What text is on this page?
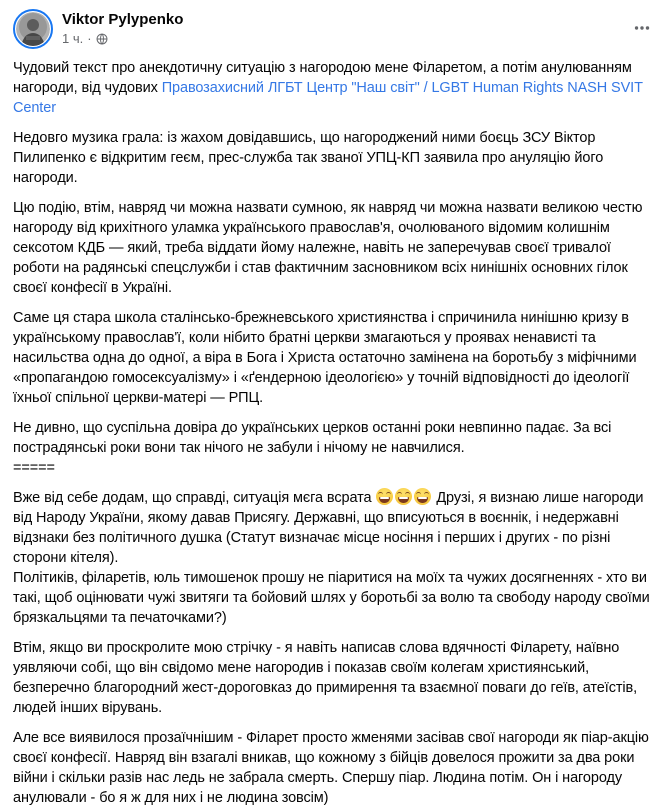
Viktor Pylypenko
1 ч. ·

Чудовий текст про анекдотичну ситуацію з нагородою мене Філаретом, а потім анулюванням нагороди, від чудових Правозахисний ЛГБТ Центр "Наш світ" / LGBT Human Rights NASH SVIT Center

Недовго музика грала: із жахом довідавшись, що нагороджений ними боєць ЗСУ Віктор Пилипенко є відкритим геєм, прес-служба так званої УПЦ-КП заявила про ануляцію його нагороди.

Цю подію, втім, навряд чи можна назвати сумною, як навряд чи можна назвати великою честю нагороду від крихітного уламка українського православ'я, очолюваного відомим колишнім сексотом КДБ — який, треба віддати йому належне, навіть не заперечував своєї тривалої роботи на радянські спецслужби і став фактичним засновником всіх нинішніх основних гілок своєї конфесії в Україні.

Саме ця стара школа сталінсько-брежневського християнства і спричинила нинішню кризу в українському православ'ї, коли нібито братні церкви змагаються у проявах ненависті та насильства одна до одної, а віра в Бога і Христа остаточно замінена на боротьбу з міфічними «пропагандою гомосексуалізму» і «ґендерною ідеологією» у точній відповідності до ідеології їхньої спільної церкви-матері — РПЦ.

Не дивно, що суспільна довіра до українських церков останні роки невпинно падає. За всі пострадянські роки вони так нічого не забули і нічому не навчилися.
=====

Вже від себе додам, що справді, ситуація мєга всрата	Друзі, я визнаю лише нагороди від Народу України, якому давав Присягу. Державні, що вписуються в воєннік, і недержавні відзнаки без політичного душка (Статут визначає місце носіння і перших і других - по різні сторони кітеля).
Політиків, філаретів, юль тимошенок прошу не піаритися на моїх та чужих досягненнях - хто ви такі, щоб оцінювати чужі звитяги та бойовий шлях у боротьбі за волю та свободу народу своїми брязкальцями та печаточками?)

Втім, якщо ви проскролите мою стрічку - я навіть написав слова вдячності Філарету, наївно уявляючи собі, що він свідомо мене нагородив і показав своїм колегам християнський, безперечно благородний жест-дороговказ до примирення та взаємної поваги до геїв, атеїстів, людей інших вірувань.

Але все виявилося прозаїчнішим - Філарет просто жменями засівав свої нагороди як піар-акцію своєї конфесії. Навряд він взагалі вникав, що кожному з бійців довелося прожити за два роки війни і скільки разів нас ледь не забрала смерть. Спершу піар. Людина потім. Он і нагороду анулювали - бо я ж для них і не людина зовсім)
